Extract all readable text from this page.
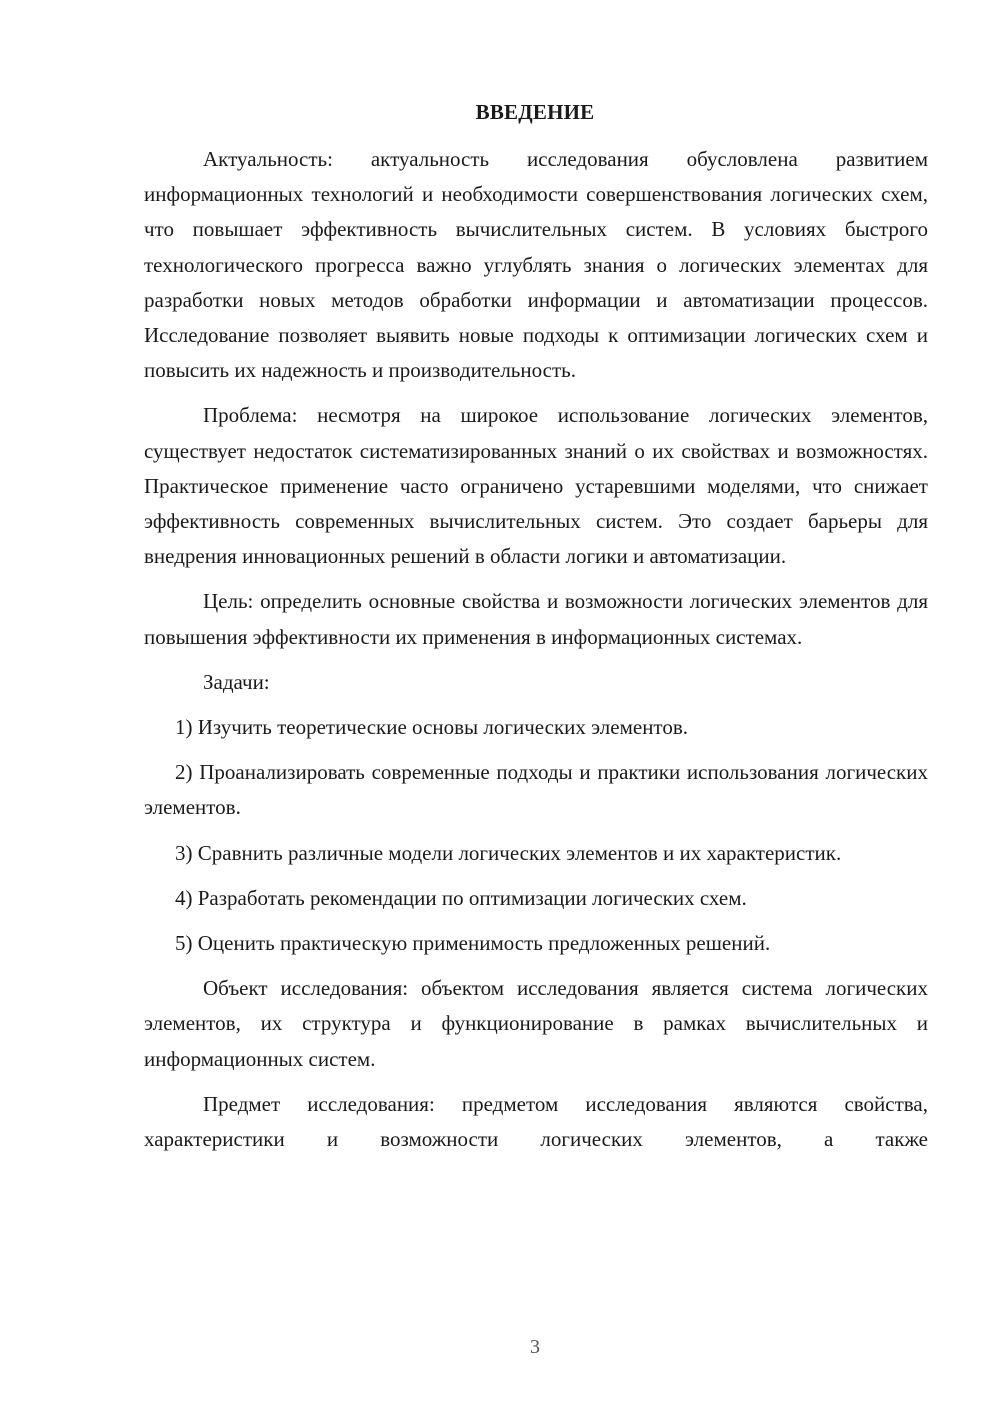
ВВЕДЕНИЕ

Актуальность: актуальность исследования обусловлена развитием информационных технологий и необходимости совершенствования логических схем, что повышает эффективность вычислительных систем. В условиях быстрого технологического прогресса важно углублять знания о логических элементах для разработки новых методов обработки информации и автоматизации процессов. Исследование позволяет выявить новые подходы к оптимизации логических схем и повысить их надежность и производительность.

Проблема: несмотря на широкое использование логических элементов, существует недостаток систематизированных знаний о их свойствах и возможностях. Практическое применение часто ограничено устаревшими моделями, что снижает эффективность современных вычислительных систем. Это создает барьеры для внедрения инновационных решений в области логики и автоматизации.

Цель: определить основные свойства и возможности логических элементов для повышения эффективности их применения в информационных системах.

Задачи:

1) Изучить теоретические основы логических элементов.

2) Проанализировать современные подходы и практики использования логических элементов.

3) Сравнить различные модели логических элементов и их характеристик.

4) Разработать рекомендации по оптимизации логических схем.

5) Оценить практическую применимость предложенных решений.

Объект исследования: объектом исследования является система логических элементов, их структура и функционирование в рамках вычислительных и информационных систем.

Предмет исследования: предметом исследования являются свойства, характеристики и возможности логических элементов, а также

3
